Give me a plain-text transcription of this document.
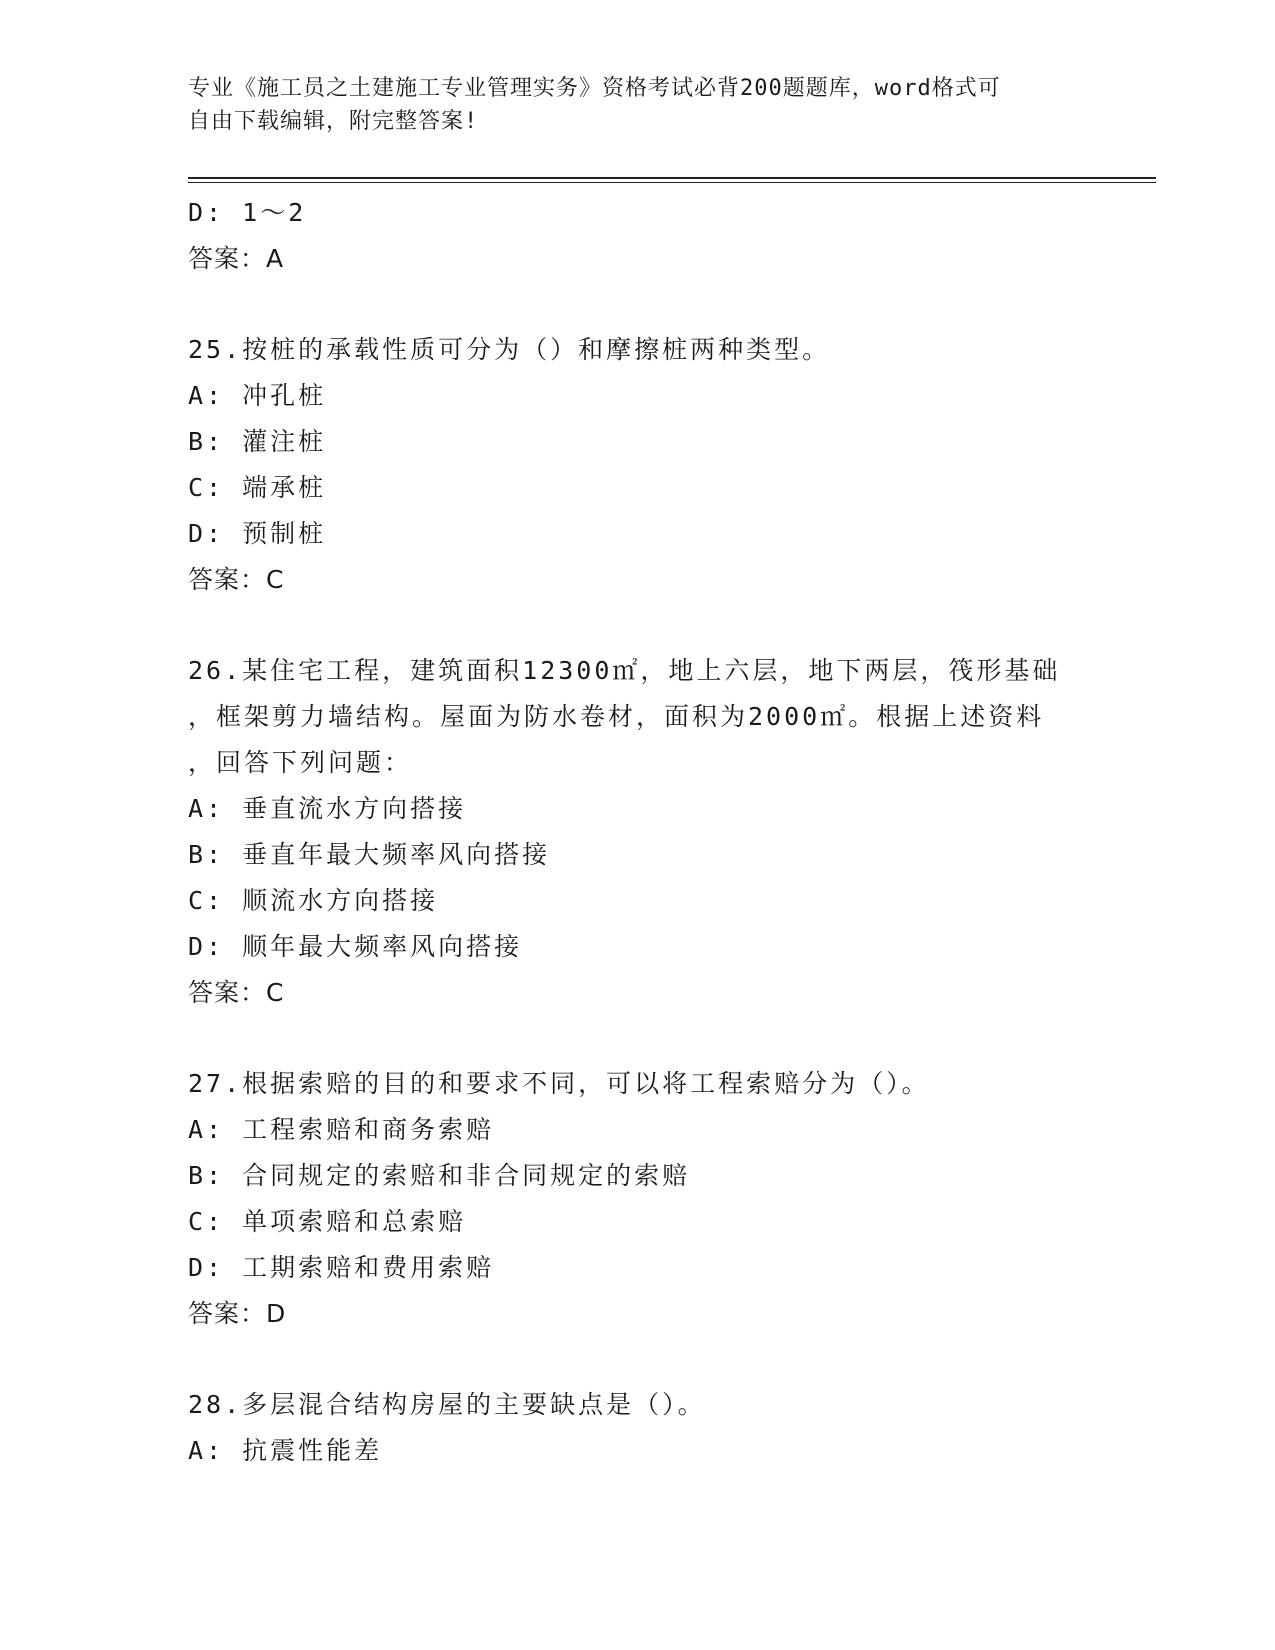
专业《施工员之土建施工专业管理实务》资格考试必背200题题库，word格式可
自由下载编辑，附完整答案!
D: 1～2
答案：A
25.按桩的承载性质可分为（）和摩擦桩两种类型。
A: 冲孔桩
B: 灌注桩
C: 端承桩
D: 预制桩
答案：C
26.某住宅工程，建筑面积12300㎡，地上六层，地下两层，筏形基础
，框架剪力墙结构。屋面为防水卷材，面积为2000㎡。根据上述资料
，回答下列问题：
A: 垂直流水方向搭接
B: 垂直年最大频率风向搭接
C: 顺流水方向搭接
D: 顺年最大频率风向搭接
答案：C
27.根据索赔的目的和要求不同，可以将工程索赔分为（）。
A: 工程索赔和商务索赔
B: 合同规定的索赔和非合同规定的索赔
C: 单项索赔和总索赔
D: 工期索赔和费用索赔
答案：D
28.多层混合结构房屋的主要缺点是（）。
A: 抗震性能差
